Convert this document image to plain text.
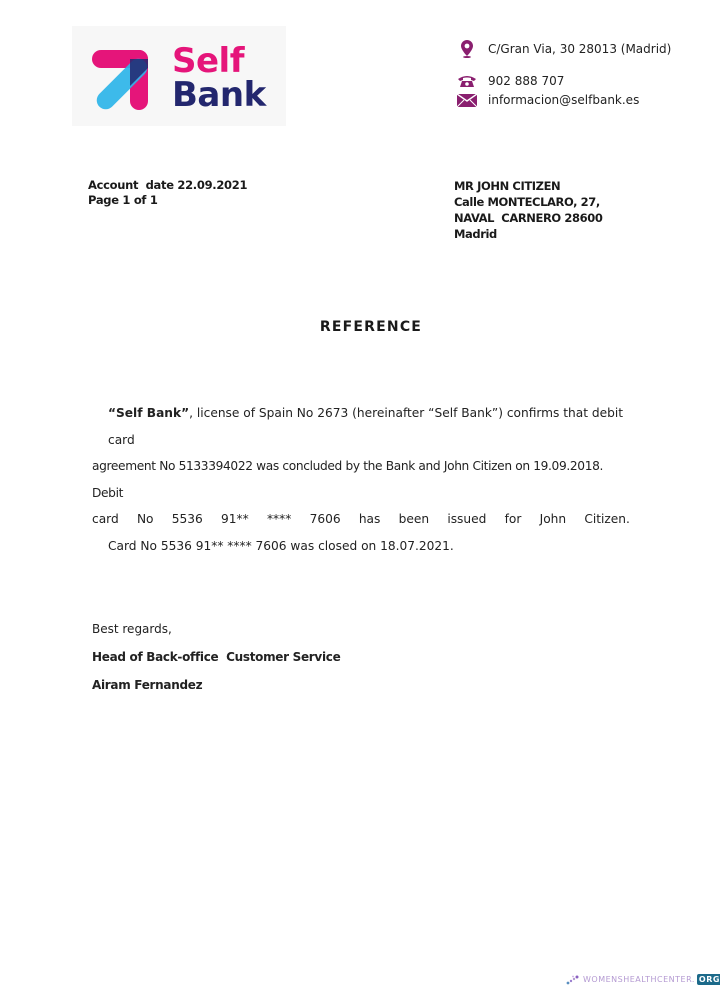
Self
Bank
C/Gran Via, 30 28013 (Madrid)
902 888 707
informacion@selfbank.es
Account  date 22.09.2021
Page 1 of 1
MR JOHN CITIZEN
Calle MONTECLARO, 27,
NAVAL  CARNERO 28600
Madrid
REFERENCE

“Self Bank”, license of Spain No 2673 (hereinafter “Self Bank”) confirms that debit card

agreement No 5133394022 was concluded by the Bank and John Citizen on 19.09.2018. Debit

card No 5536 91** **** 7606 has been issued for John Citizen.

Card No 5536 91** **** 7606 was closed on 18.07.2021.

Best regards,
Head of Back-office  Customer Service
Airam Fernandez
WOMENSHEALTHCENTER. ORG
